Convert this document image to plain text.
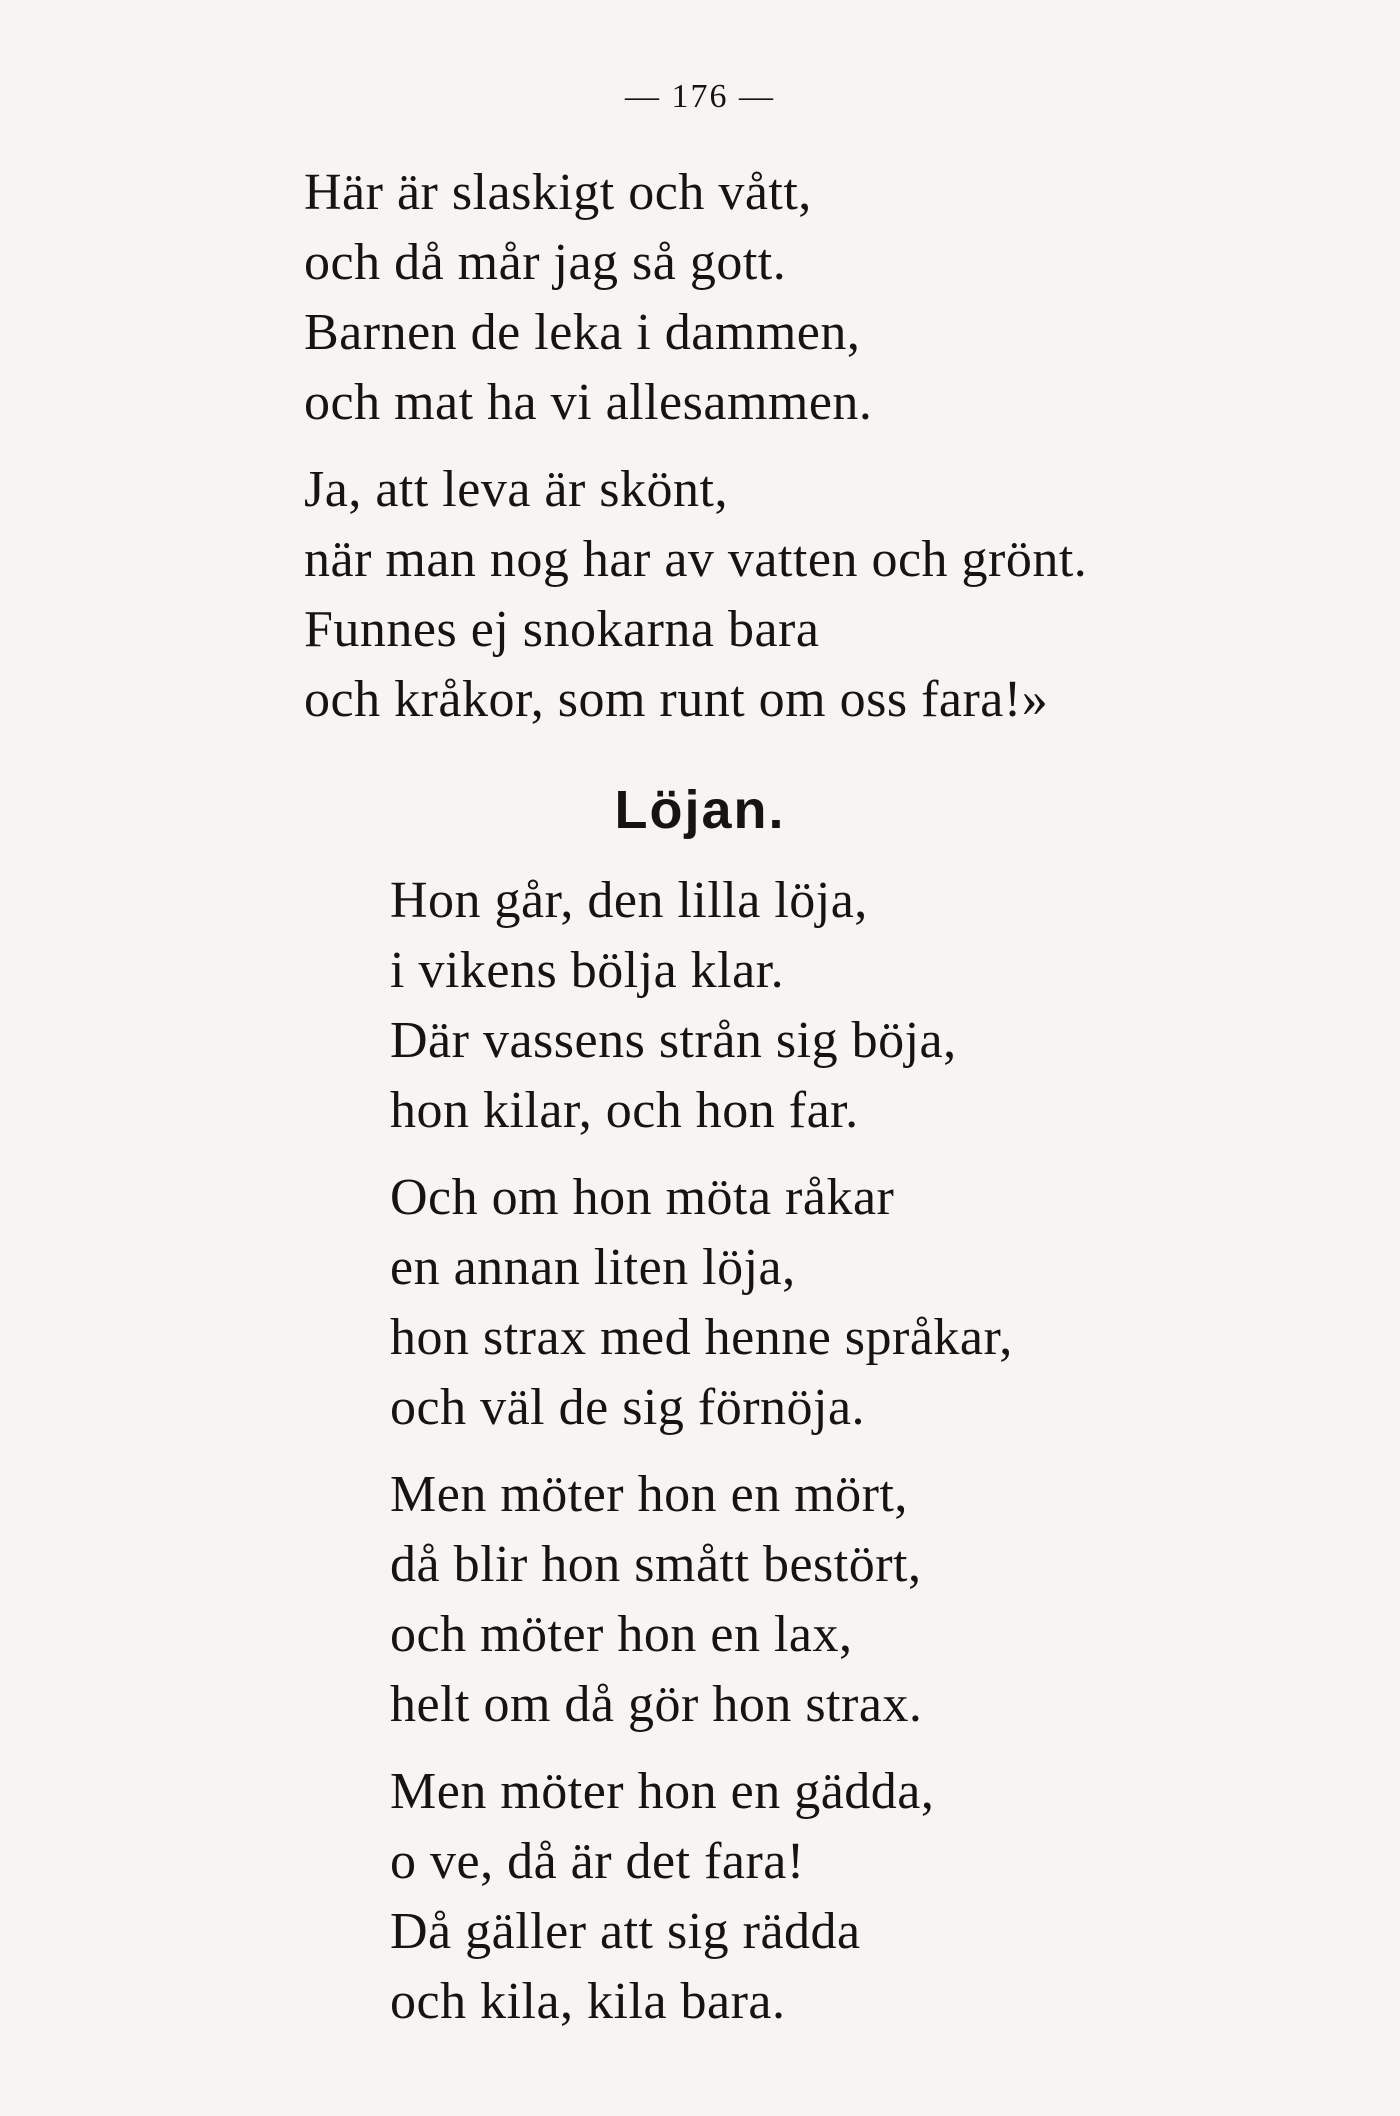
— 176 —
Här är slaskigt och vått,
och då mår jag så gott.
Barnen de leka i dammen,
och mat ha vi allesammen.
Ja, att leva är skönt,
när man nog har av vatten och grönt.
Funnes ej snokarna bara
och kråkor, som runt om oss fara!»
Löjan.
Hon går, den lilla löja,
i vikens bölja klar.
Där vassens strån sig böja,
hon kilar, och hon far.
Och om hon möta råkar
en annan liten löja,
hon strax med henne språkar,
och väl de sig förnöja.
Men möter hon en mört,
då blir hon smått bestört,
och möter hon en lax,
helt om då gör hon strax.
Men möter hon en gädda,
o ve, då är det fara!
Då gäller att sig rädda
och kila, kila bara.
